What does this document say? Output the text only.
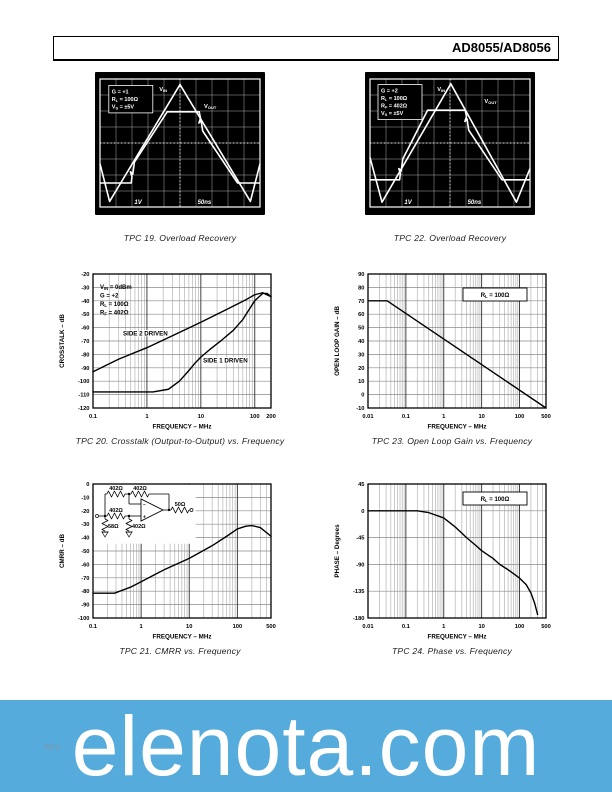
AD8055/AD8056
G = +1
RL = 100Ω
VS = ±5V
VIN
VOUT
1V	50ns
G = +2
RL = 100Ω
RF = 402Ω
VS = ±5V
VIN
VOUT
1V	50ns
TPC 19. Overload Recovery	TPC 22. Overload Recovery
SIDE 2 DRIVEN
SIDE 1 DRIVEN
VIN = 0dBm
G = +2
RL = 100Ω
RF = 402Ω
-20
-30
-40
-50
-60
-70
-80
-90
-100
-110
-120
0.1	1	10	100 200
FREQUENCY – MHz
CROSSTALK – dB
RL = 100Ω
90
80
70
60
50
40
30
20
10
0
-10
0.01 0.1	1	10	100 500
FREQUENCY – MHz
OPEN LOOP GAIN – dB
TPC 20. Crosstalk (Output-to-Output) vs. Frequency	TPC 23. Open Loop Gain vs. Frequency
−
+
402Ω 402Ω
402Ω
58Ω 402Ω
50Ω
0
-10
-20
-30
-40
-50
-60
-70
-80
-90
-100
0.1	1	10	100 500
FREQUENCY – MHz
CMRR – dB
RL = 100Ω
45
0
-45
-90
-135
-180
0.01 0.1	1	10	100 500
FREQUENCY – MHz
PHASE – Degrees
TPC 21. CMRR vs. Frequency	TPC 24. Phase vs. Frequency
REV. elenota.com
